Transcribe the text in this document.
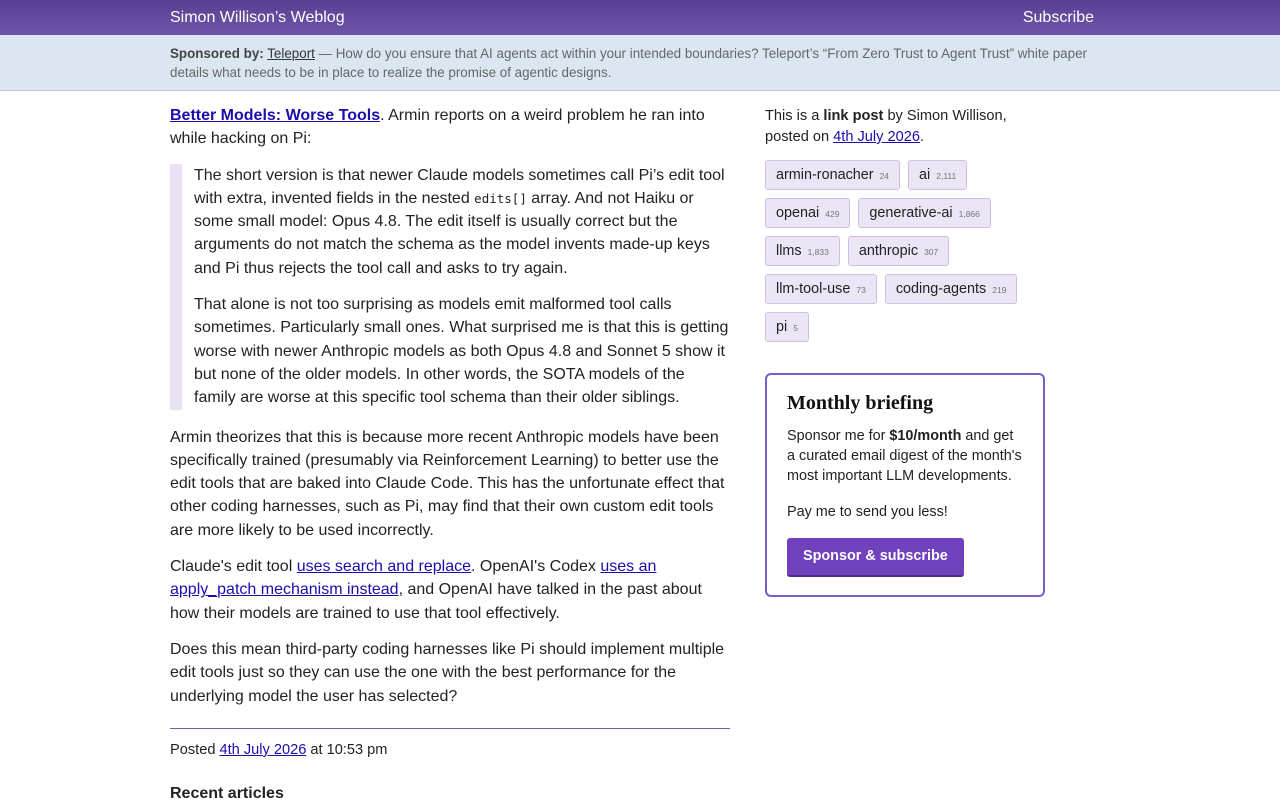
Simon Willison’s Weblog	Subscribe
Sponsored by: Teleport — How do you ensure that AI agents act within your intended boundaries? Teleport’s “From Zero Trust to Agent Trust” white paper details what needs to be in place to realize the promise of agentic designs.

Better Models: Worse Tools. Armin reports on a weird problem he ran into while hacking on Pi:

The short version is that newer Claude models sometimes call Pi’s edit tool with extra, invented fields in the nested edits[] array. And not Haiku or some small model: Opus 4.8. The edit itself is usually correct but the arguments do not match the schema as the model invents made-up keys and Pi thus rejects the tool call and asks to try again.

That alone is not too surprising as models emit malformed tool calls sometimes. Particularly small ones. What surprised me is that this is getting worse with newer Anthropic models as both Opus 4.8 and Sonnet 5 show it but none of the older models. In other words, the SOTA models of the family are worse at this specific tool schema than their older siblings.

Armin theorizes that this is because more recent Anthropic models have been specifically trained (presumably via Reinforcement Learning) to better use the edit tools that are baked into Claude Code. This has the unfortunate effect that other coding harnesses, such as Pi, may find that their own custom edit tools are more likely to be used incorrectly.

Claude's edit tool uses search and replace. OpenAI's Codex uses an apply_patch mechanism instead, and OpenAI have talked in the past about how their models are trained to use that tool effectively.

Does this mean third-party coding harnesses like Pi should implement multiple edit tools just so they can use the one with the best performance for the underlying model the user has selected?

Posted 4th July 2026 at 10:53 pm
Recent articles
This is a link post by Simon Willison, posted on 4th July 2026.
armin-ronacher 24 ai 2,111
openai 429 generative-ai 1,866
llms 1,833 anthropic 307
llm-tool-use 73 coding-agents 219
pi 5
Monthly briefing

Sponsor me for $10/month and get a curated email digest of the month's most important LLM developments.

Pay me to send you less!

Sponsor & subscribe
